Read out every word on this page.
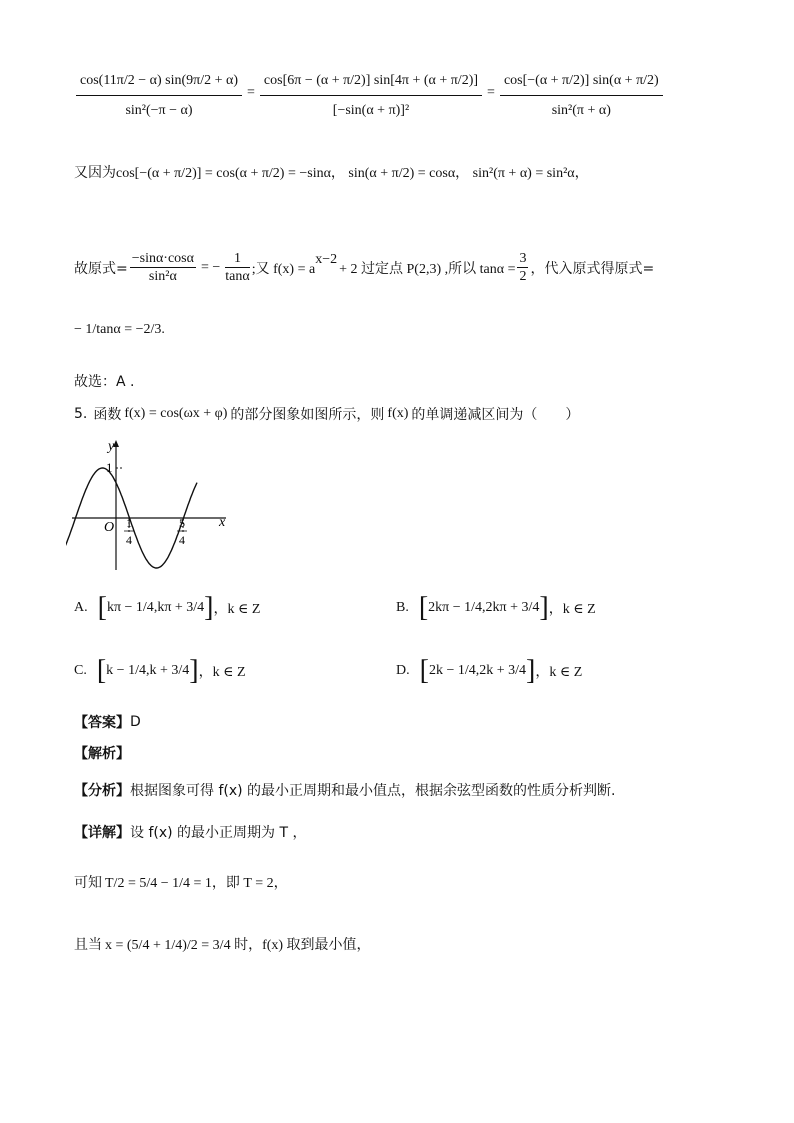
$\frac{\cos(11\pi/2 - \alpha) \sin(9\pi/2 + \alpha)}{\text{sin²(−π − α)}} = \frac{\cos[6\pi - (\alpha + \pi/2)] \sin[4\pi + (\alpha + \pi/2)]}{\text{[−sin(α + π)]²}} = \frac{\cos[-(\alpha + \pi/2)] \sin(\alpha + \pi/2)}{\text{sin²(π + α)}}$
又因为 cos[−(α + π/2)] = cos(α + π/2) = −sinα， sin(α + π/2) = cosα， sin²(π + α) = sin²α，
故原式= $\frac{-\sin\alpha\cdot\cos\alpha}{\text{sin²α}}$ = − $\frac{1}{\tan\alpha}$ ;又 f(x) = a
$^{x-2}$
+ 2 过定点 P(2,3) ,所以 $\tan\alpha = \frac{3}{2}$ ，代入原式得原式=
− 1/tanα = −2/3.
故选：A .
5. 函数 f(x) = cos(ωx + φ) 的部分图象如图所示，则 f(x) 的单调递减区间为（　　）
y
x
O
1
1
4
5
4
A. [ kπ − 1/4 , kπ + 3/4 ] ，k ∈ Z	B. [ 2kπ − 1/4 , 2kπ + 3/4 ] ，k ∈ Z
C. [ k − 1/4 , k + 3/4 ] ，k ∈ Z	D. [ 2k − 1/4 , 2k + 3/4 ] ，k ∈ Z
【答案】 D
【解析】
【分析】 根据图象可得 f(x) 的最小正周期和最小值点，根据余弦型函数的性质分析判断.
【详解】 设 f(x) 的最小正周期为 T ，
可知 T/2 = 5/4 − 1/4 = 1，即 T = 2，
且当 x = (5/4 + 1/4)/2 = 3/4 时，f(x) 取到最小值，
